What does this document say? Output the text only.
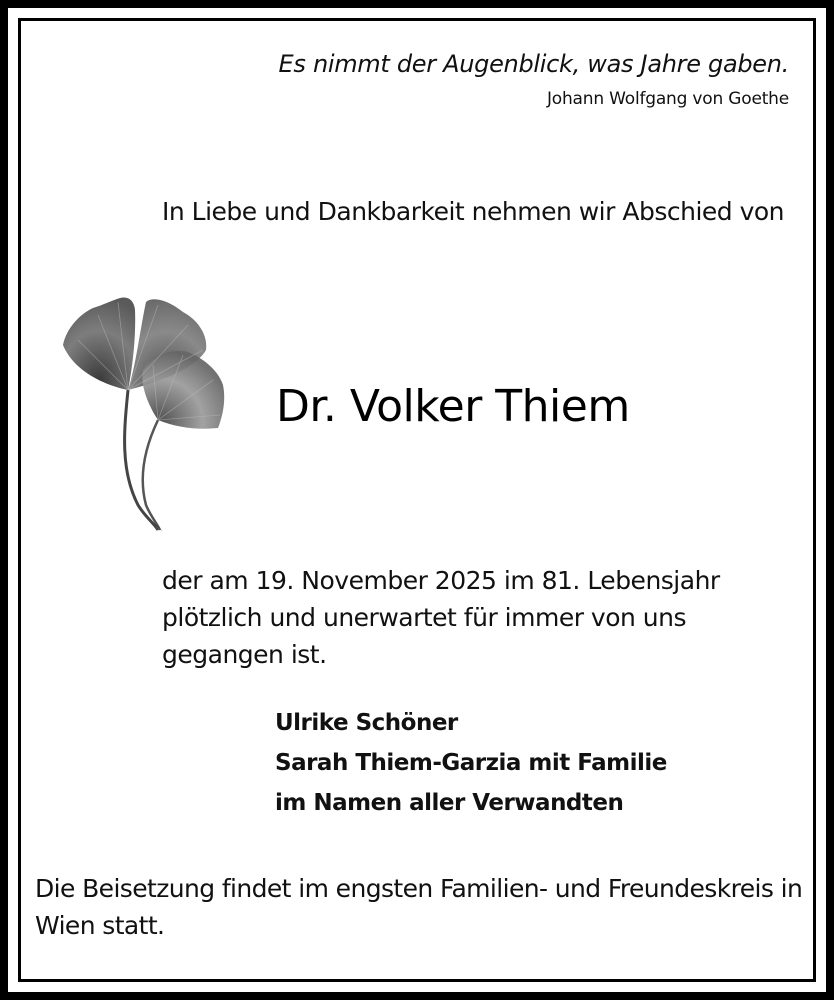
Es nimmt der Augenblick, was Jahre gaben.
Johann Wolfgang von Goethe
In Liebe und Dankbarkeit nehmen wir Abschied von
Dr. Volker Thiem
der am 19. November 2025 im 81. Lebensjahr plötzlich und unerwartet für immer von uns gegangen ist.
Ulrike Schöner
Sarah Thiem-Garzia mit Familie
im Namen aller Verwandten
Die Beisetzung findet im engsten Familien- und Freundeskreis in Wien statt.
